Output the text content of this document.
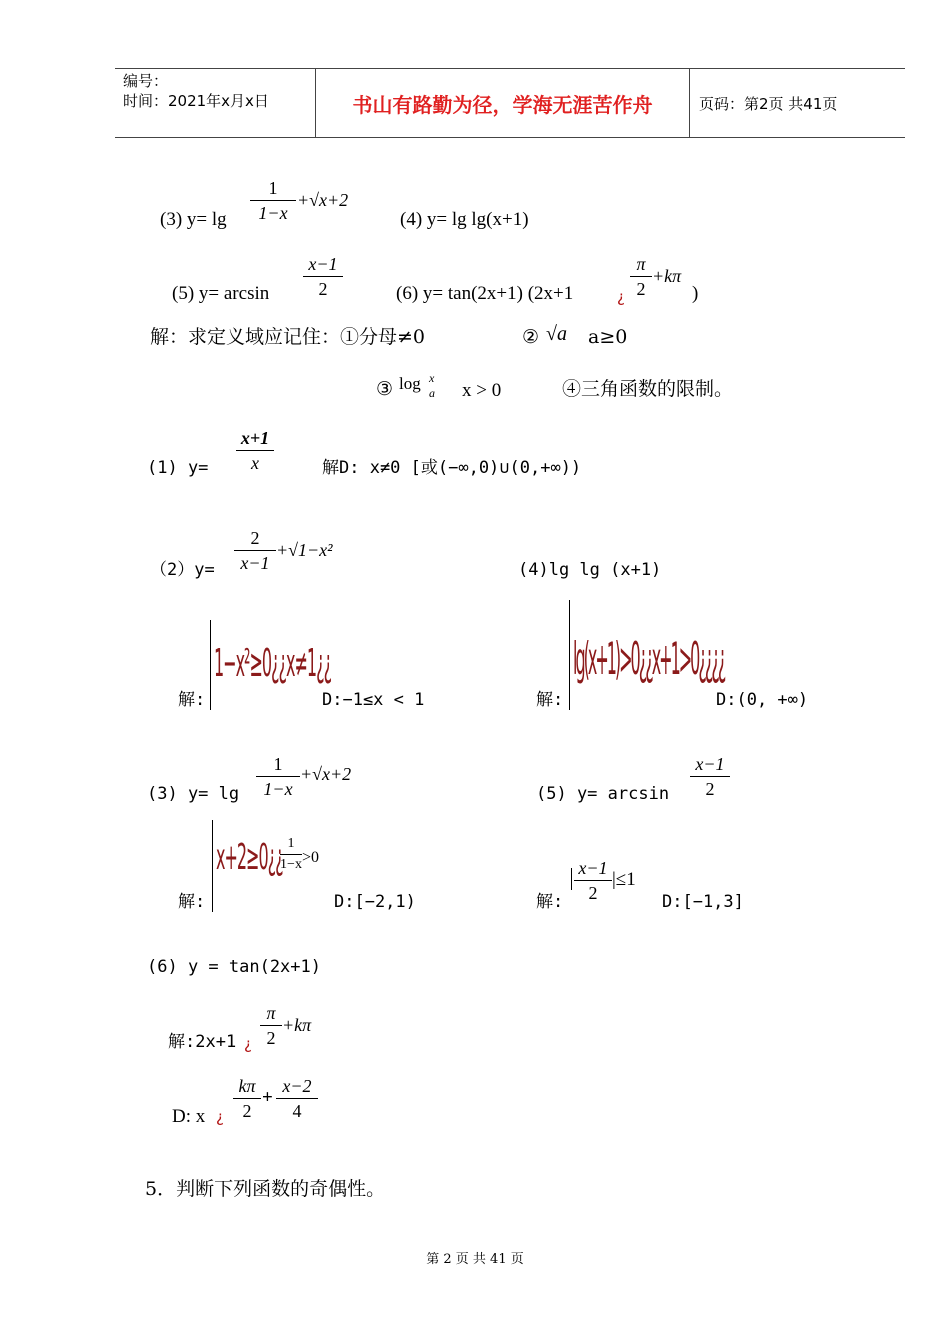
编号：
时间：2021年x月x日	书山有路勤为径，学海无涯苦作舟	页码：第2页 共41页
(3) $y= \lg \frac{1}{1-x} +√x+2$
(4) y= lg lg(x+1)
(5) $y= \arcsin \frac{x-1}{2}$	(6) y= tan(2x+1) (2x+1	¿ $\frac{\pi}{2} +k\pi$
)
解：求定义域应记住：①分母≠0	② √a a≥0
③ log x
a x > 0	④三角函数的限制。
(1) $y= \frac{x+1}{x}$	解D: x≠0 [或(−∞,0)∪(0,+∞))
$(2)y= \frac{2}{x-1} +√1-x^2$
解:
1−x²≥0¿¿x≠1¿¿
D:−1≤x < 1
(4)lg lg (x+1)
解:
lg(x+1)>0¿¿x+1>0¿¿¿¿
D:(0, +∞)
(3) $y= \lg \frac{1}{1-x} +√x+2$
解:
x+2≥0¿¿
$\frac{1}{1-x} >0$
D:[−2,1)
(5) $y= \arcsin \frac{x-1}{2}$
解: $\frac{x-1}{2} |\le 1$
D:[−1,3]
(6) y = tan(2x+1)
解:2x+1 ¿ $\frac{\pi}{2} +k\pi$
D: x ¿ $\frac{k\pi}{2} + \frac{x-2}{4}$
5．判断下列函数的奇偶性。
第 2 页 共 41 页
